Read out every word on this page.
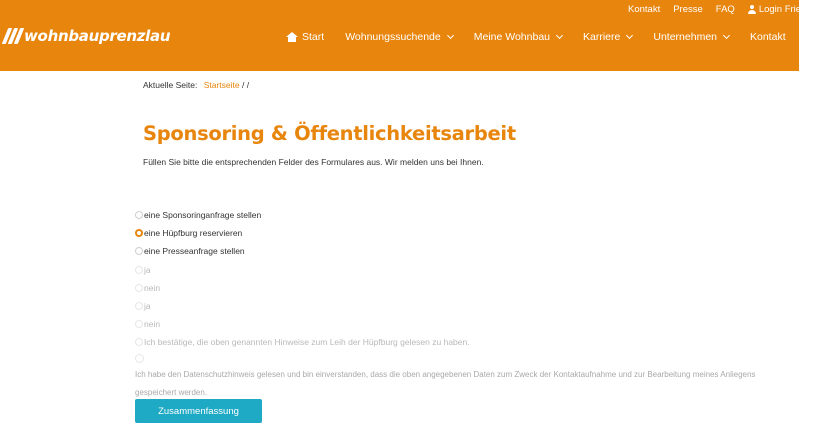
wohnbauprenzlau
Kontakt Presse FAQ	Login Fried
Start Wohnungssuchende	Meine Wohnbau	Karriere	Unternehmen	Kontakt
Aktuelle Seite: Startseite / /
Sponsoring & Öffentlichkeitsarbeit
Füllen Sie bitte die entsprechenden Felder des Formulares aus. Wir melden uns bei Ihnen.
eine Sponsoringanfrage stellen
eine Hüpfburg reservieren
eine Presseanfrage stellen
ja
nein
ja
nein
Ich bestätige, die oben genannten Hinweise zum Leih der Hüpfburg gelesen zu haben.
Ich habe den Datenschutzhinweis gelesen und bin einverstanden, dass die oben angegebenen Daten zum Zweck der Kontaktaufnahme und zur Bearbeitung meines Anliegens gespeichert werden.
Zusammenfassung
